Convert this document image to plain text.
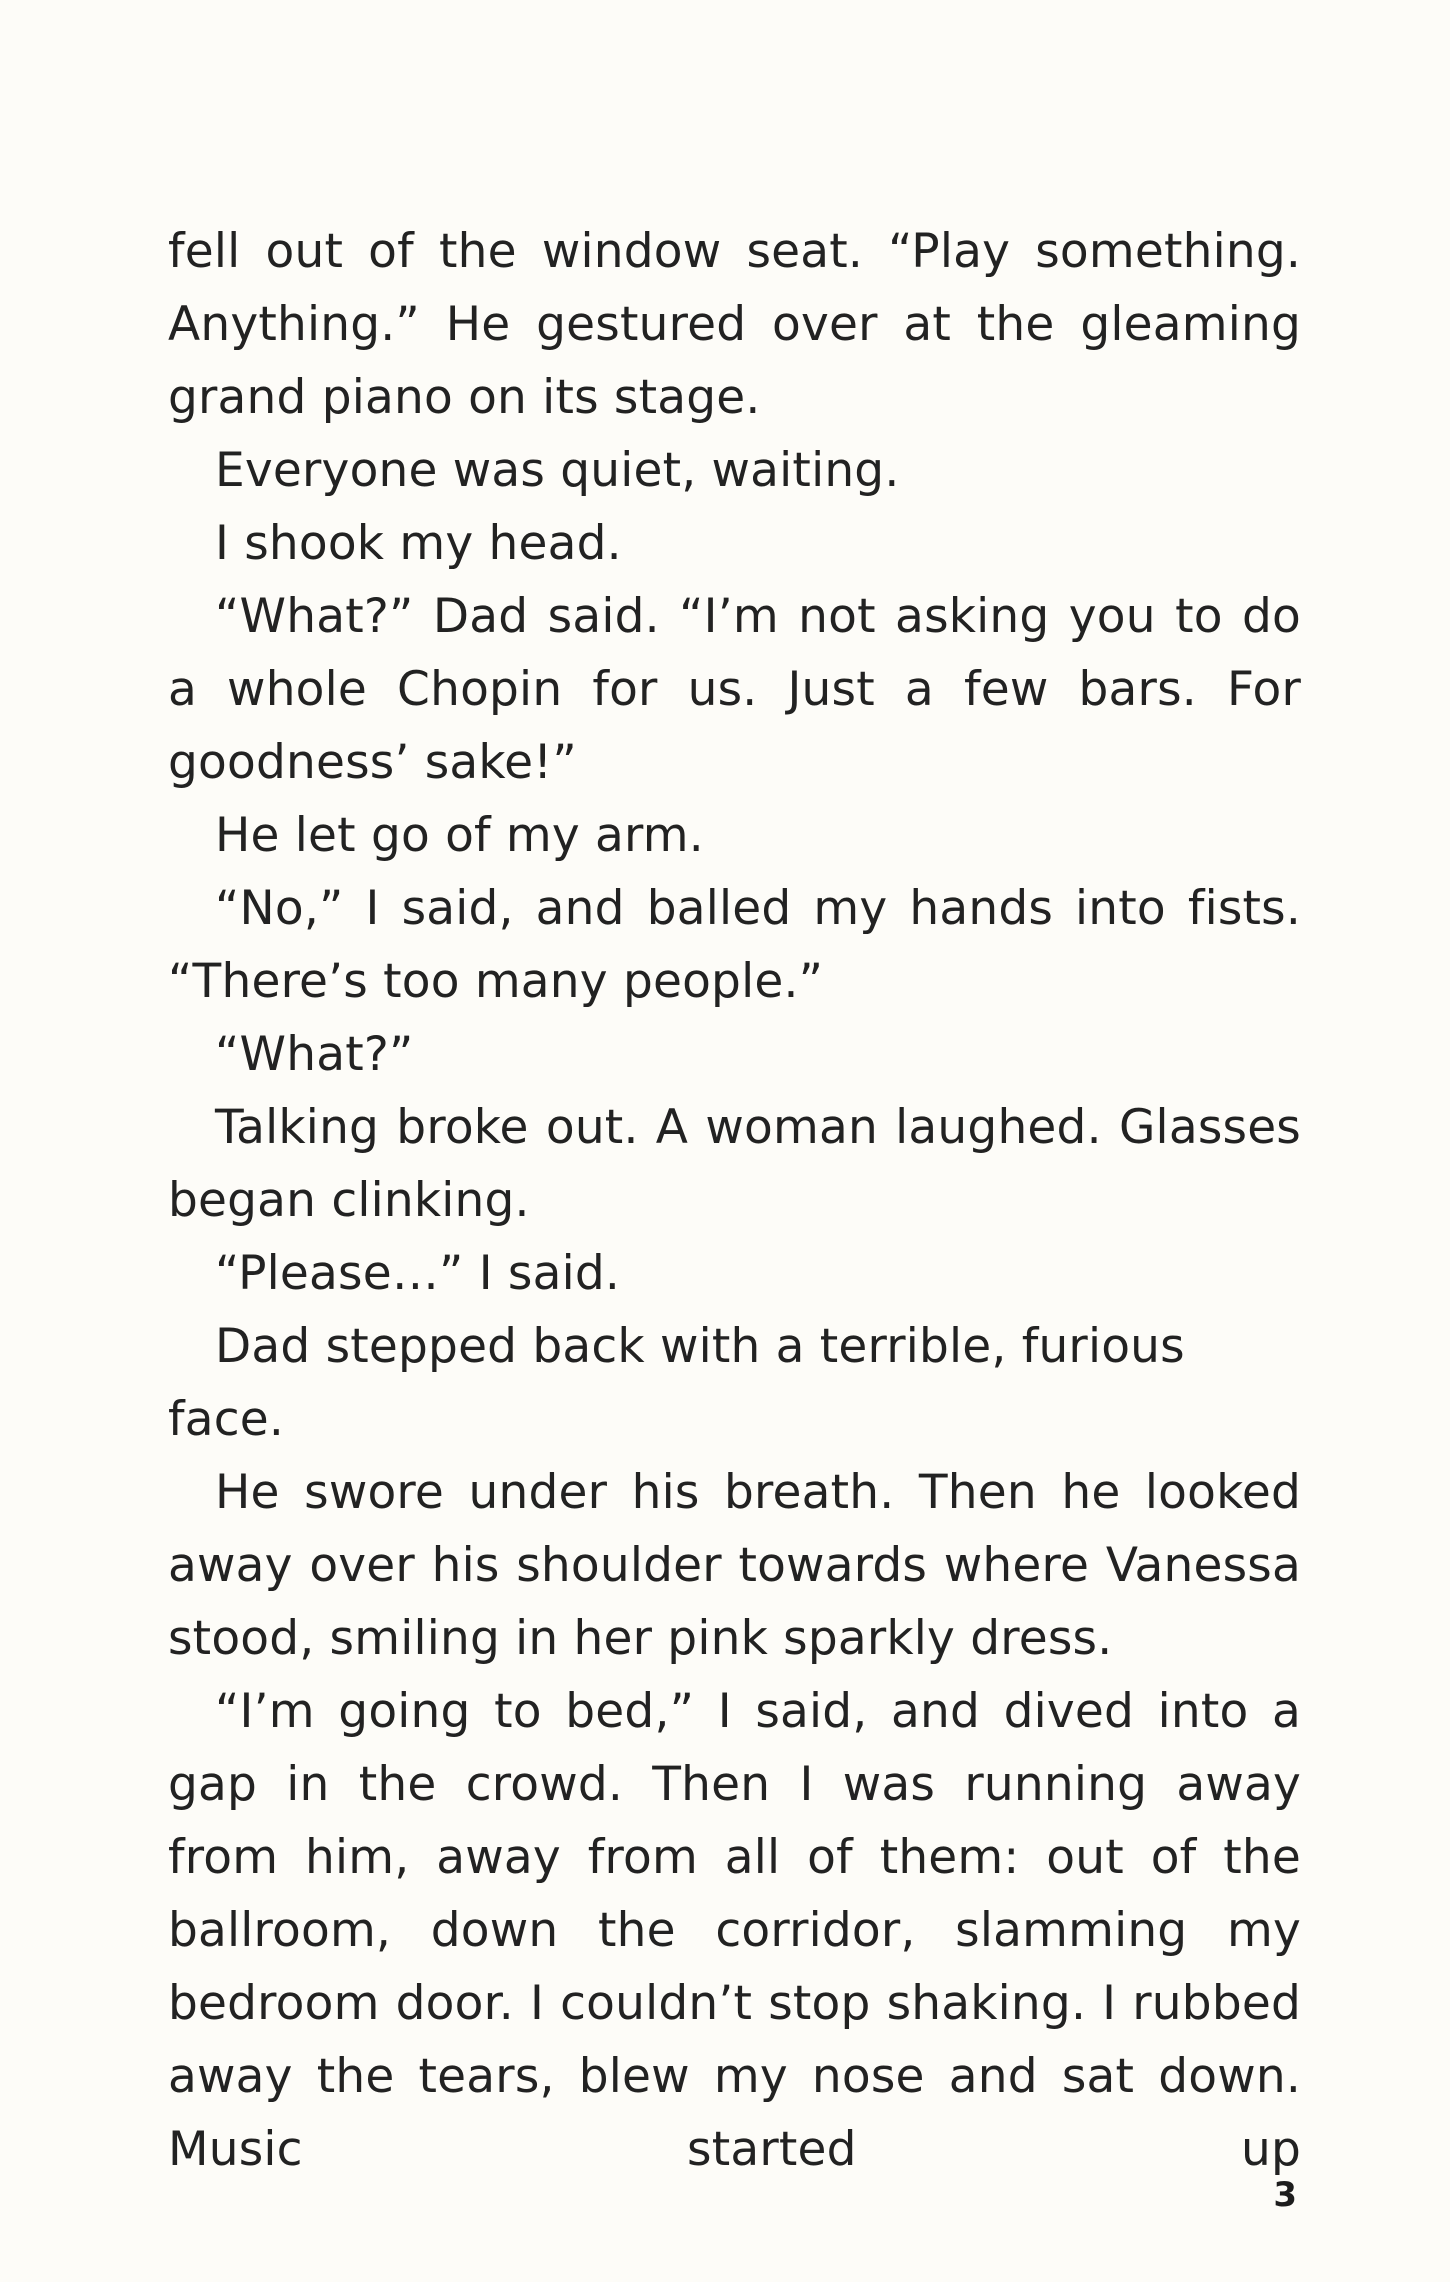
fell out of the window seat. “Play something. Anything.” He gestured over at the gleaming grand piano on its stage.

Everyone was quiet, waiting.

I shook my head.

“What?” Dad said. “I’m not asking you to do a whole Chopin for us. Just a few bars. For goodness’ sake!”

He let go of my arm.

“No,” I said, and balled my hands into fists. “There’s too many people.”

“What?”

Talking broke out. A woman laughed. Glasses began clinking.

“Please…” I said.

Dad stepped back with a terrible, furious face.

He swore under his breath. Then he looked away over his shoulder towards where Vanessa stood, smiling in her pink sparkly dress.

“I’m going to bed,” I said, and dived into a gap in the crowd. Then I was running away from him, away from all of them: out of the ballroom, down the corridor, slamming my bedroom door. I couldn’t stop shaking. I rubbed away the tears, blew my nose and sat down. Music started up

3
